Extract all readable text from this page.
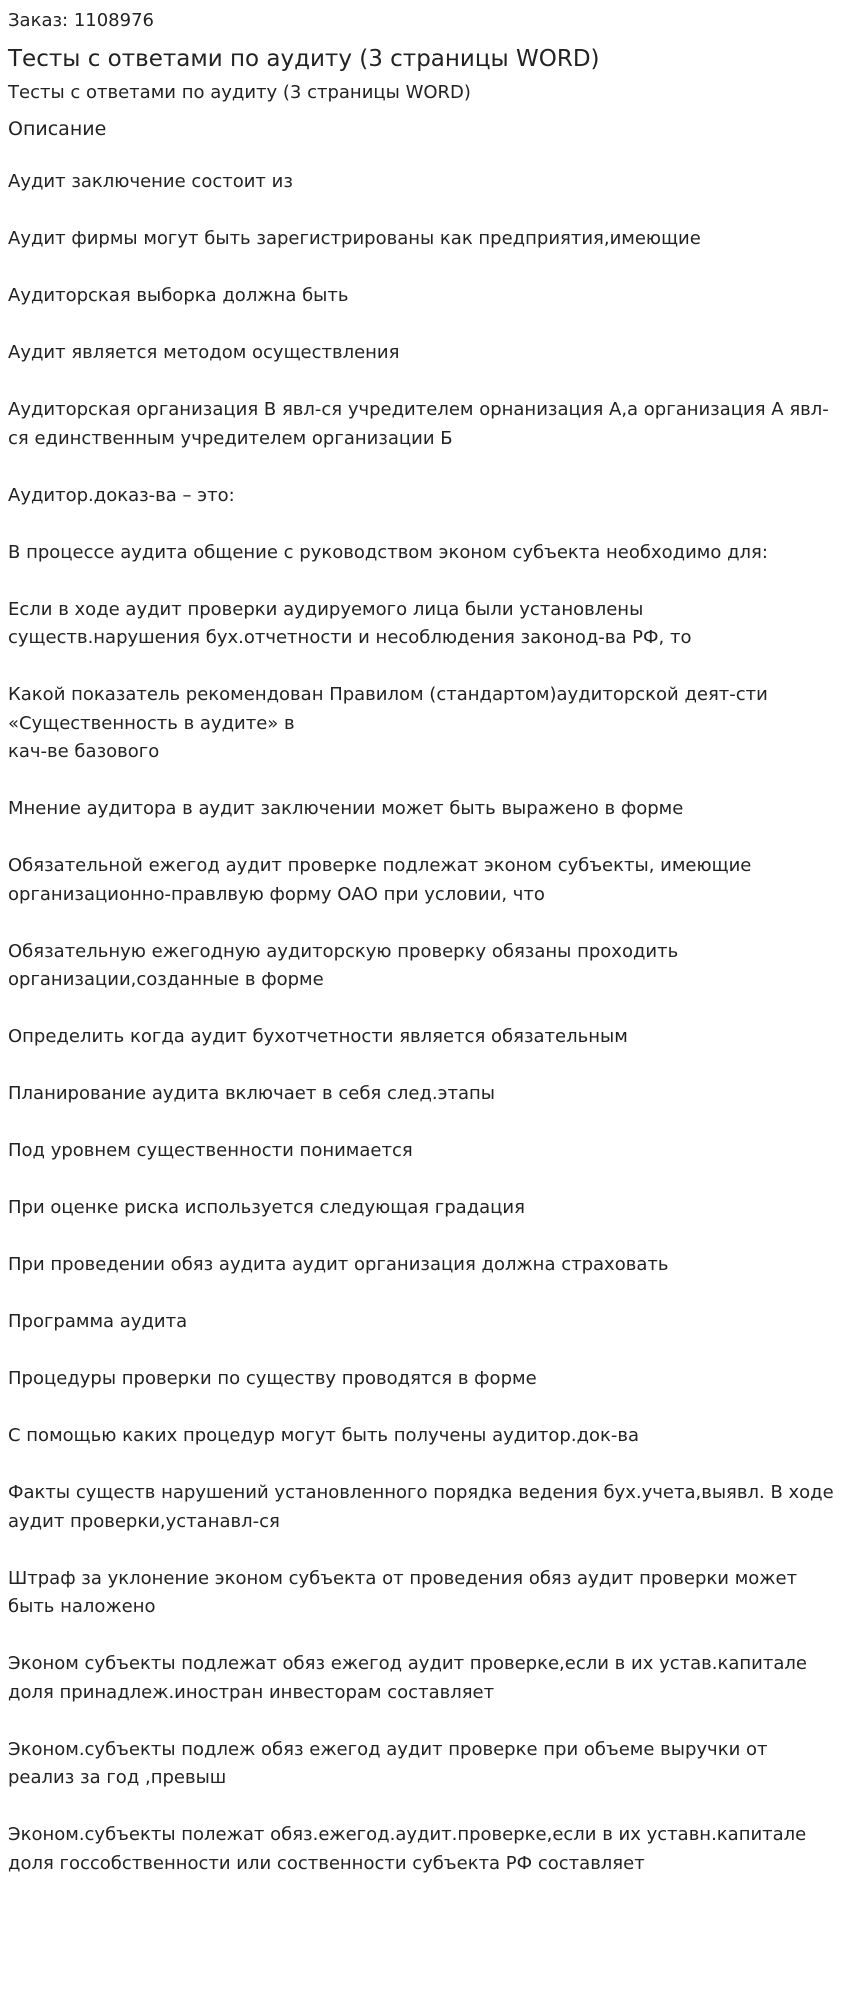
Заказ: 1108976
Тесты с ответами по аудиту (3 страницы WORD)
Тесты с ответами по аудиту (3 страницы WORD)
Описание

Аудит заключение состоит из

Аудит фирмы могут быть зарегистрированы как предприятия,имеющие

Аудиторская выборка должна быть

Аудит является методом осуществления

Аудиторская организация В явл-ся учредителем орнанизация А,а организация А явл-ся единственным учредителем организации Б

Аудитор.доказ-ва – это:

В процессе аудита общение с руководством эконом субъекта необходимо для:

Если в ходе аудит проверки аудируемого лица были установлены существ.нарушения бух.отчетности и несоблюдения законод-ва РФ, то

Какой показатель рекомендован Правилом (стандартом)аудиторской деят-сти «Существенность в аудите» в
кач-ве базового

Мнение аудитора в аудит заключении может быть выражено в форме

Обязательной ежегод аудит проверке подлежат эконом субъекты, имеющие организационно-правлвую форму ОАО при условии, что

Обязательную ежегодную аудиторскую проверку обязаны проходить организации,созданные в форме

Определить когда аудит бухотчетности является обязательным

Планирование аудита включает в себя след.этапы

Под уровнем существенности понимается

При оценке риска используется следующая градация

При проведении обяз аудита аудит организация должна страховать

Программа аудита

Процедуры проверки по существу проводятся в форме

С помощью каких процедур могут быть получены аудитор.док-ва

Факты существ нарушений установленного порядка ведения бух.учета,выявл. В ходе аудит проверки,устанавл-ся

Штраф за уклонение эконом субъекта от проведения обяз аудит проверки может быть наложено

Эконом субъекты подлежат обяз ежегод аудит проверке,если в их устав.капитале доля принадлеж.иностран инвесторам составляет

Эконом.субъекты подлеж обяз ежегод аудит проверке при объеме выручки от реализ за год ,превыш

Эконом.субъекты полежат обяз.ежегод.аудит.проверке,если в их уставн.капитале доля госсобственности или соственности субъекта РФ составляет
